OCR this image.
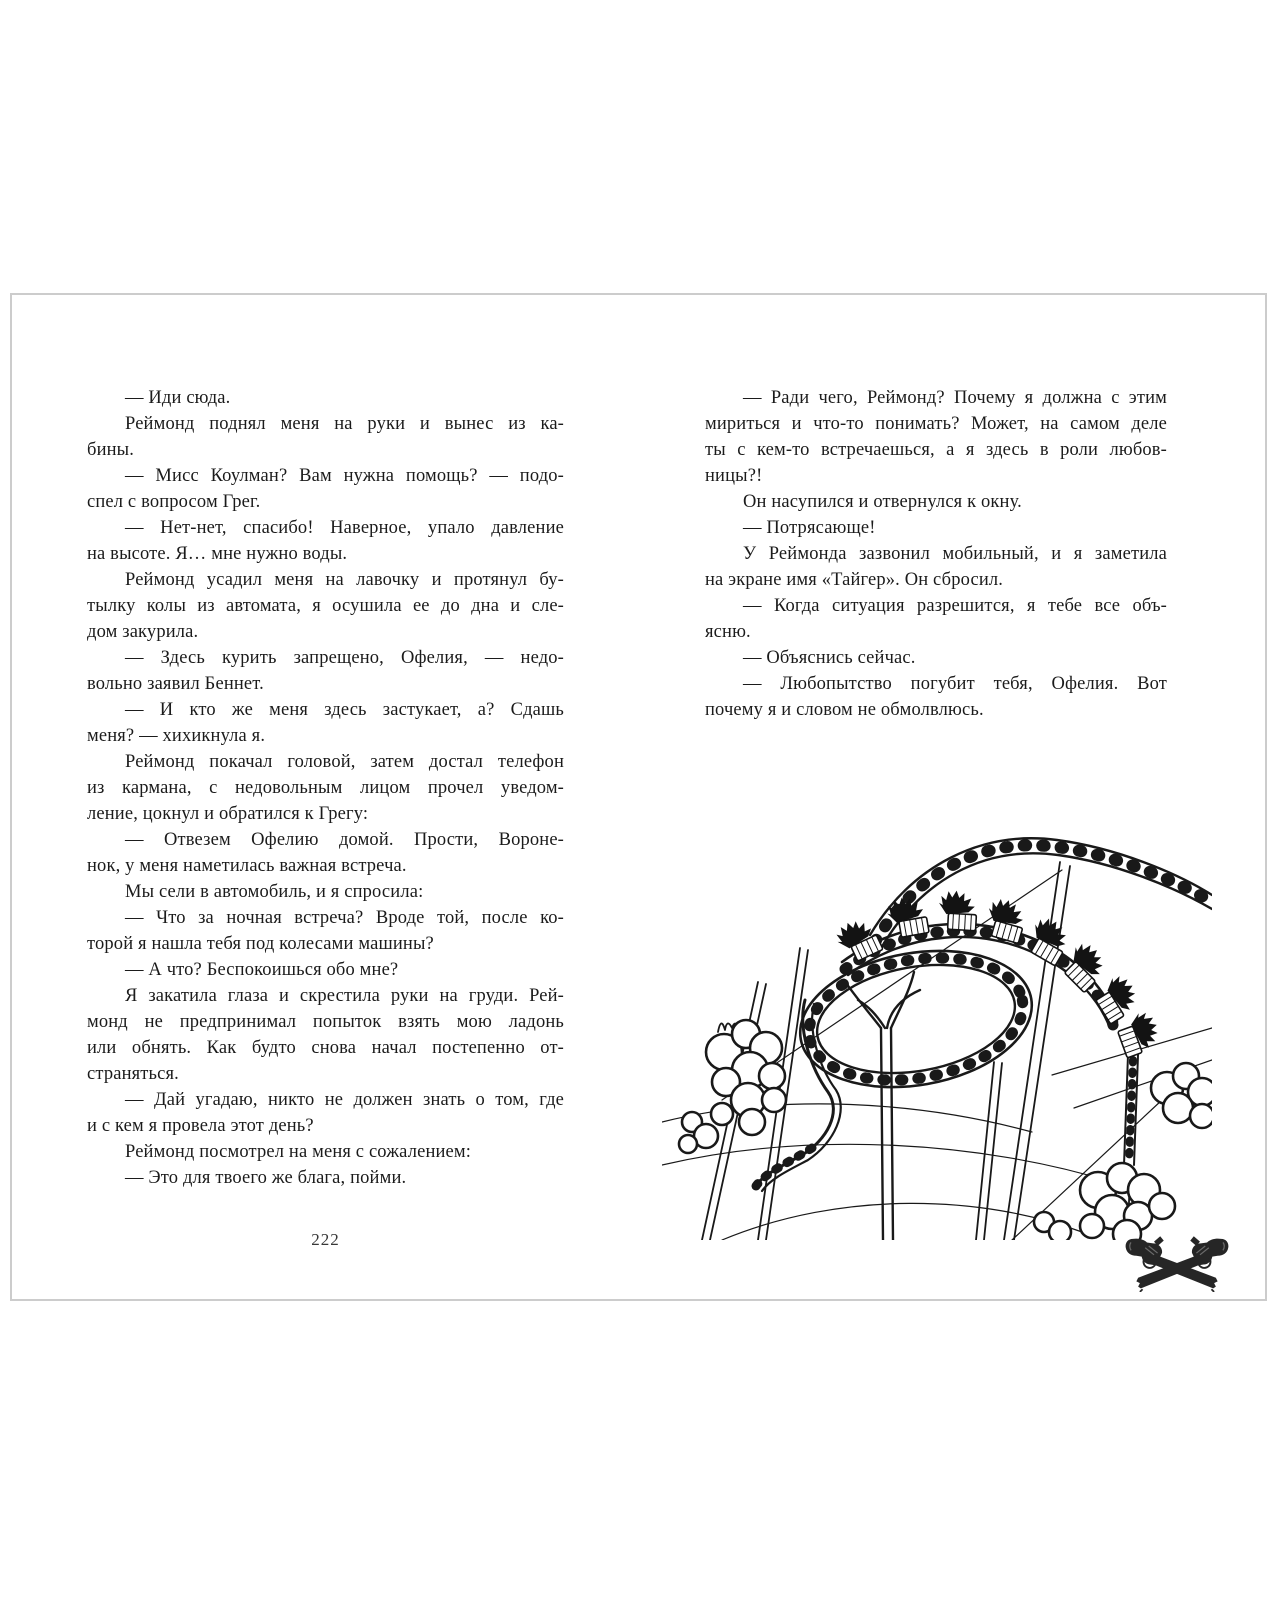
— Иди сюда.

Реймонд поднял меня на руки и вынес из ка-
бины.

— Мисс Коулман? Вам нужна помощь? — подо-
спел с вопросом Грег.

— Нет-нет, спасибо! Наверное, упало давление
на высоте. Я… мне нужно воды.

Реймонд усадил меня на лавочку и протянул бу-
тылку колы из автомата, я осушила ее до дна и сле-
дом закурила.

— Здесь курить запрещено, Офелия, — недо-
вольно заявил Беннет.

— И кто же меня здесь застукает, а? Сдашь
меня? — хихикнула я.

Реймонд покачал головой, затем достал телефон
из кармана, с недовольным лицом прочел уведом-
ление, цокнул и обратился к Грегу:

— Отвезем Офелию домой. Прости, Вороне-
нок, у меня наметилась важная встреча.

Мы сели в автомобиль, и я спросила:

— Что за ночная встреча? Вроде той, после ко-
торой я нашла тебя под колесами машины?

— А что? Беспокоишься обо мне?

Я закатила глаза и скрестила руки на груди. Рей-
монд не предпринимал попыток взять мою ладонь
или обнять. Как будто снова начал постепенно от-
страняться.

— Дай угадаю, никто не должен знать о том, где
и с кем я провела этот день?

Реймонд посмотрел на меня с сожалением:

— Это для твоего же блага, пойми.

222

— Ради чего, Реймонд? Почему я должна с этим
мириться и что-то понимать? Может, на самом деле
ты с кем-то встречаешься, а я здесь в роли любов-
ницы?!

Он насупился и отвернулся к окну.

— Потрясающе!

У Реймонда зазвонил мобильный, и я заметила
на экране имя «Тайгер». Он сбросил.

— Когда ситуация разрешится, я тебе все объ-
ясню.

— Объяснись сейчас.

— Любопытство погубит тебя, Офелия. Вот
почему я и словом не обмолвлюсь.
